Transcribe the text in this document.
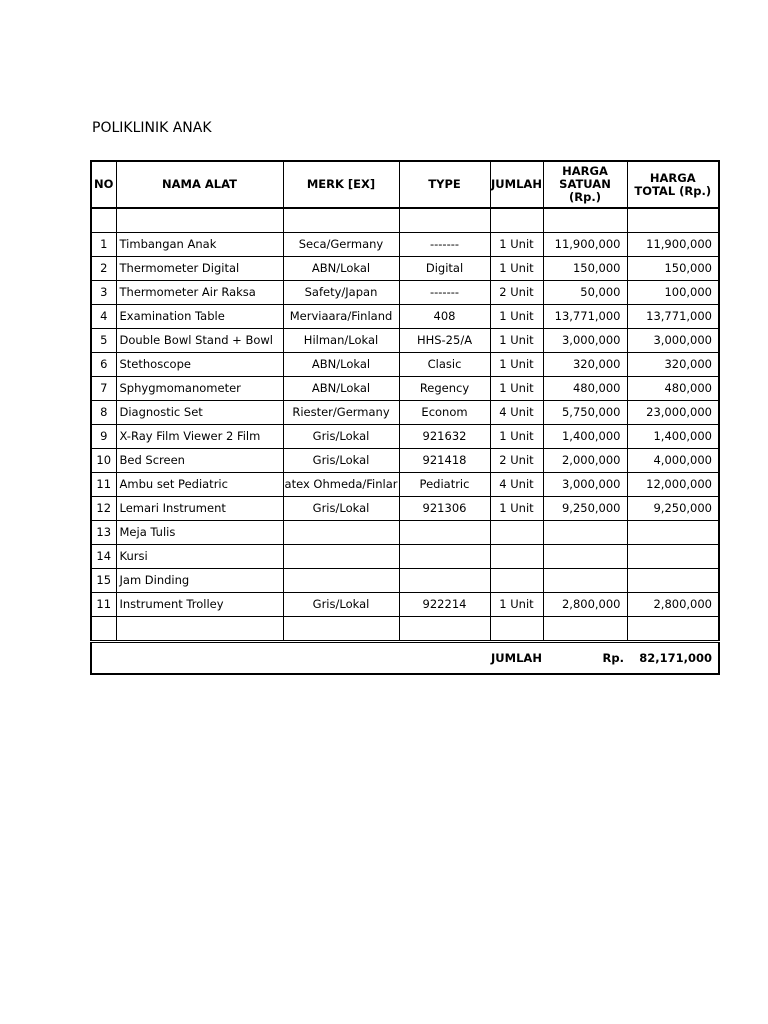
POLIKLINIK ANAK
NO	NAMA ALAT	MERK [EX]	TYPE	JUMLAH	HARGA SATUAN (Rp.)	HARGA TOTAL (Rp.)

1	Timbangan Anak	Seca/Germany	-------	1 Unit	11,900,000	11,900,000
2	Thermometer Digital	ABN/Lokal	Digital	1 Unit	150,000	150,000
3	Thermometer Air Raksa	Safety/Japan	-------	2 Unit	50,000	100,000
4	Examination Table	Merviaara/Finland	408	1 Unit	13,771,000	13,771,000
5	Double Bowl Stand + Bowl	Hilman/Lokal	HHS-25/A	1 Unit	3,000,000	3,000,000
6	Stethoscope	ABN/Lokal	Clasic	1 Unit	320,000	320,000
7	Sphygmomanometer	ABN/Lokal	Regency	1 Unit	480,000	480,000
8	Diagnostic Set	Riester/Germany	Econom	4 Unit	5,750,000	23,000,000
9	X-Ray Film Viewer 2 Film	Gris/Lokal	921632	1 Unit	1,400,000	1,400,000
10	Bed Screen	Gris/Lokal	921418	2 Unit	2,000,000	4,000,000
11	Ambu set Pediatric	atex Ohmeda/Finlar	Pediatric	4 Unit	3,000,000	12,000,000
12	Lemari Instrument	Gris/Lokal	921306	1 Unit	9,250,000	9,250,000
13	Meja Tulis					
14	Kursi					
15	Jam Dinding					
11	Instrument Trolley	Gris/Lokal	922214	1 Unit	2,800,000	2,800,000

				JUMLAH	Rp.	82,171,000
